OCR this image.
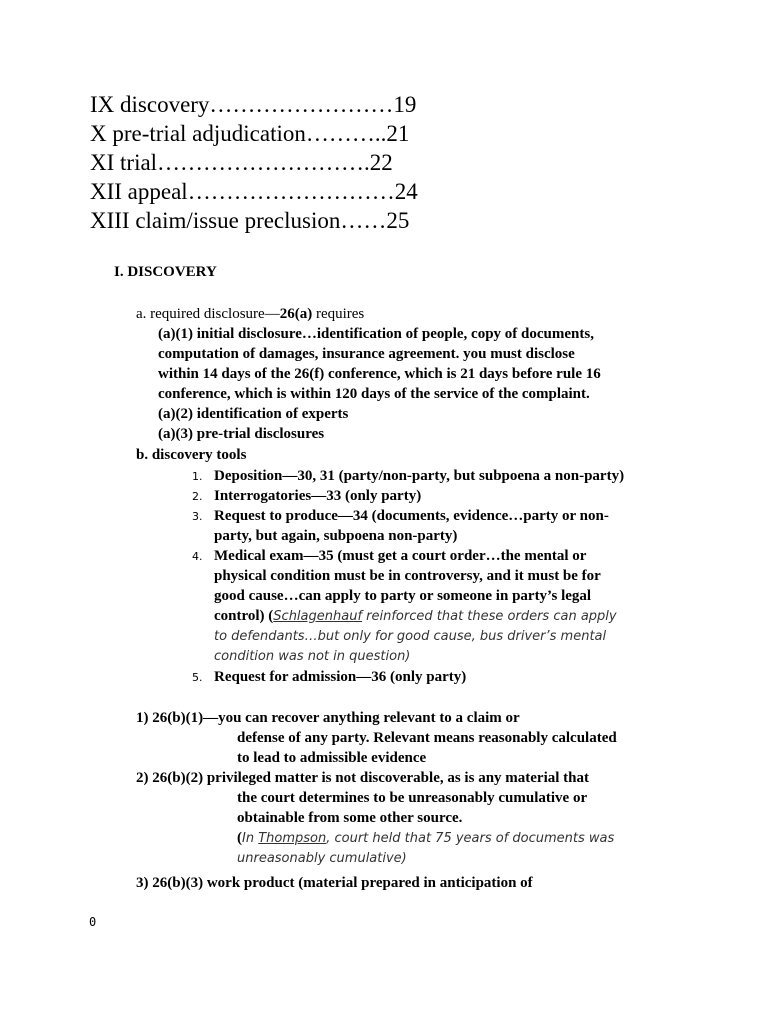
IX discovery……………………19
X pre-trial adjudication………..21
XI trial……………………….22
XII appeal………………………24
XIII claim/issue preclusion……25
I. DISCOVERY
a. required disclosure—26(a) requires
(a)(1) initial disclosure…identification of people, copy of documents,
computation of damages, insurance agreement. you must disclose
within 14 days of the 26(f) conference, which is 21 days before rule 16
conference, which is within 120 days of the service of the complaint.
(a)(2) identification of experts
(a)(3) pre-trial disclosures
b. discovery tools
1. Deposition—30, 31 (party/non-party, but subpoena a non-party)
2. Interrogatories—33 (only party)
3. Request to produce—34 (documents, evidence…party or non-
party, but again, subpoena non-party)
4. Medical exam—35 (must get a court order…the mental or
physical condition must be in controversy, and it must be for
good cause…can apply to party or someone in party’s legal
control) (Schlagenhauf reinforced that these orders can apply
to defendants…but only for good cause, bus driver’s mental
condition was not in question)
5. Request for admission—36 (only party)
1) 26(b)(1)—you can recover anything relevant to a claim or
defense of any party. Relevant means reasonably calculated
to lead to admissible evidence
2) 26(b)(2) privileged matter is not discoverable, as is any material that
the court determines to be unreasonably cumulative or
obtainable from some other source.
(In Thompson, court held that 75 years of documents was
unreasonably cumulative)
3) 26(b)(3) work product (material prepared in anticipation of
0
